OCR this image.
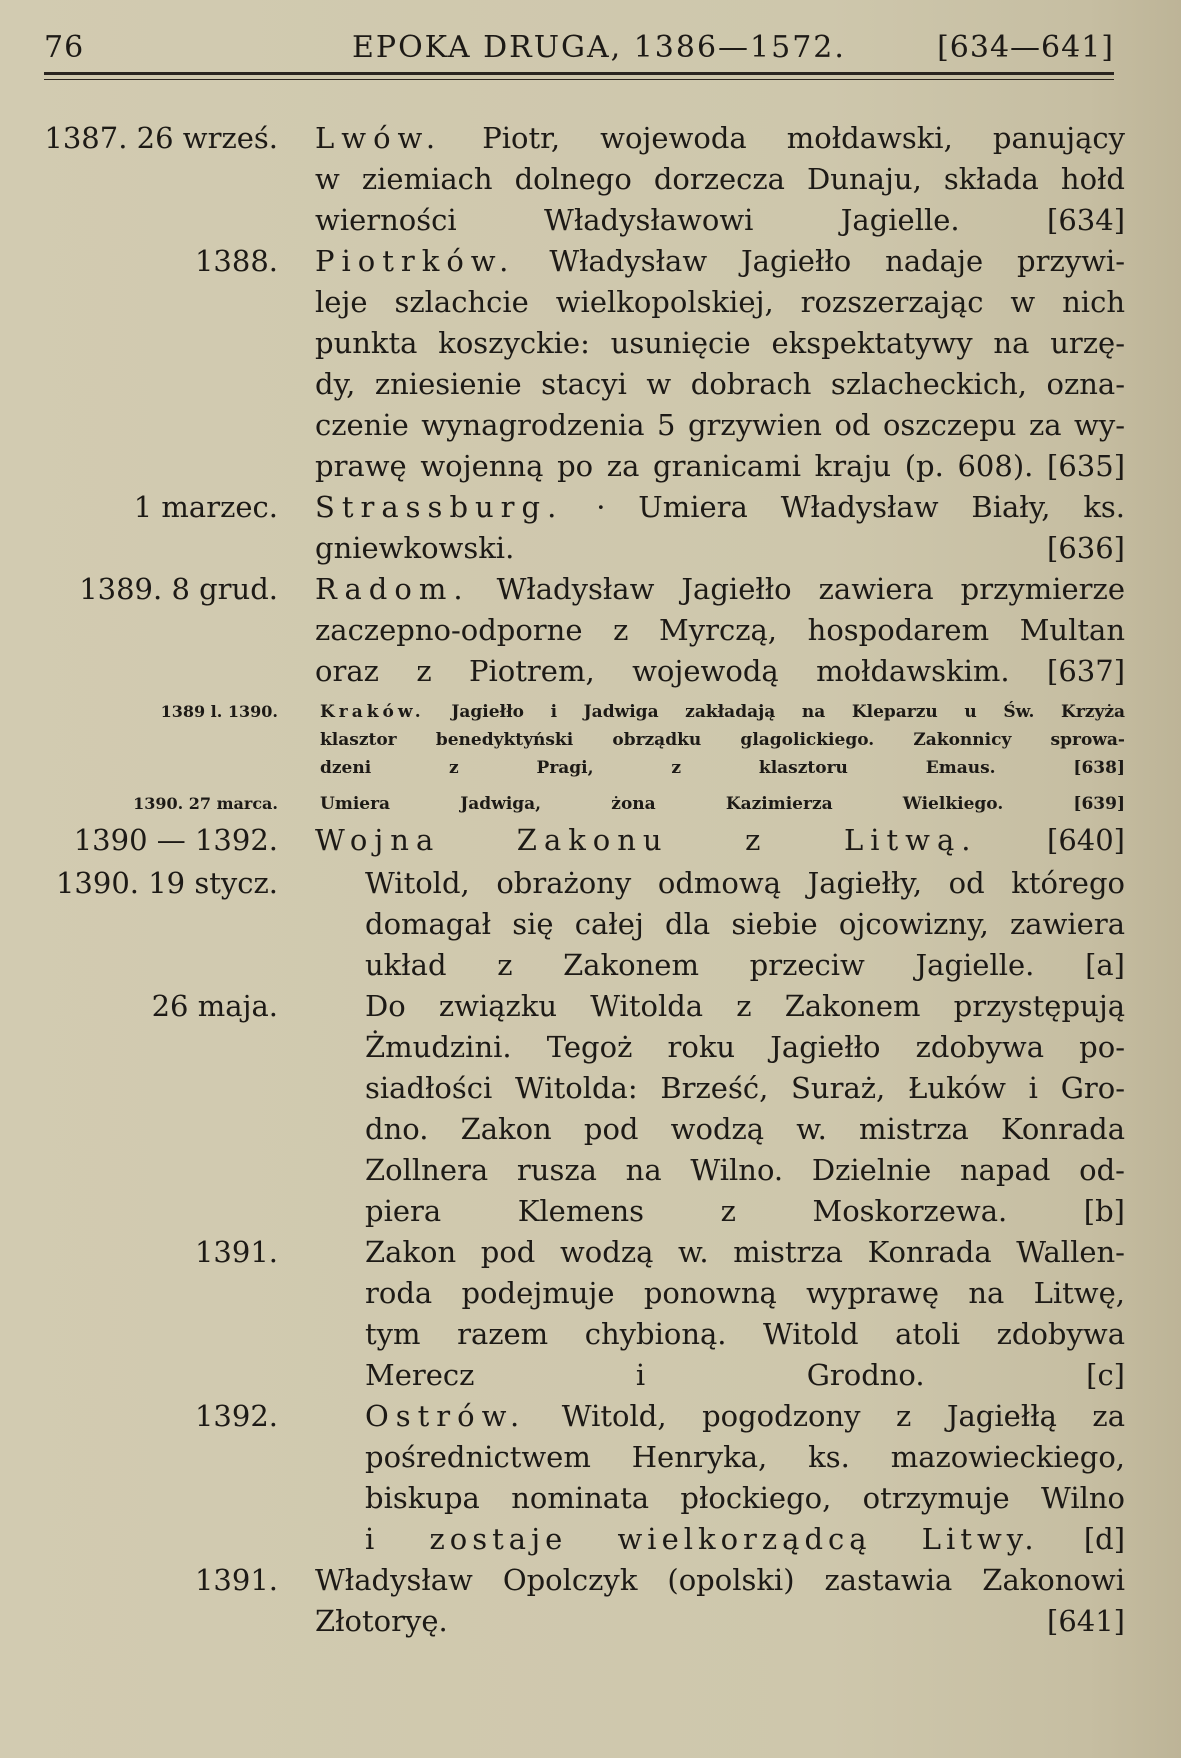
76	EPOKA DRUGA, 1386—1572.	[634—641]
1387. 26 wrześ. Lwów. Piotr, wojewoda mołdawski, panujący
w ziemiach dolnego dorzecza Dunaju, składa hołd
wierności Władysławowi Jagielle.	[634]
1388. Piotrków. Władysław Jagiełło nadaje przywi-
leje szlachcie wielkopolskiej, rozszerzając w nich
punkta koszyckie: usunięcie ekspektatywy na urzę-
dy, zniesienie stacyi w dobrach szlacheckich, ozna-
czenie wynagrodzenia 5 grzywien od oszczepu za wy-
prawę wojenną po za granicami kraju (p. 608). [635]
1 marzec. Strassburg. · Umiera Władysław Biały, ks.
gniewkowski.	[636]
1389. 8 grud. Radom. Władysław Jagiełło zawiera przymierze
zaczepno-odporne z Myrczą, hospodarem Multan
oraz z Piotrem, wojewodą mołdawskim. [637]
1389 l. 1390. Kraków. Jagiełło i Jadwiga zakładają na Kleparzu u Św. Krzyża
klasztor benedyktyński obrządku glagolickiego. Zakonnicy sprowa-
dzeni z Pragi, z klasztoru Emaus.	[638]
1390. 27 marca. Umiera Jadwiga, żona Kazimierza Wielkiego.	[639]
1390 — 1392. Wojna Zakonu z Litwą. [640]
1390. 19 stycz.	Witold, obrażony odmową Jagiełły, od którego
domagał się całej dla siebie ojcowizny, zawiera
układ z Zakonem przeciw Jagielle. [a]
26 maja.	Do związku Witolda z Zakonem przystępują
Żmudzini. Tegoż roku Jagiełło zdobywa po-
siadłości Witolda: Brześć, Suraż, Łuków i Gro-
dno. Zakon pod wodzą w. mistrza Konrada
Zollnera rusza na Wilno. Dzielnie napad od-
piera Klemens z Moskorzewa.	[b]
1391.	Zakon pod wodzą w. mistrza Konrada Wallen-
roda podejmuje ponowną wyprawę na Litwę,
tym razem chybioną. Witold atoli zdobywa
Merecz i Grodno.	[c]
1392.	Ostrów. Witold, pogodzony z Jagiełłą za
pośrednictwem Henryka, ks. mazowieckiego,
biskupa nominata płockiego, otrzymuje Wilno
i zostaje wielkorządcą Litwy. [d]
1391. Władysław Opolczyk (opolski) zastawia Zakonowi
Złotoryę.	[641]
